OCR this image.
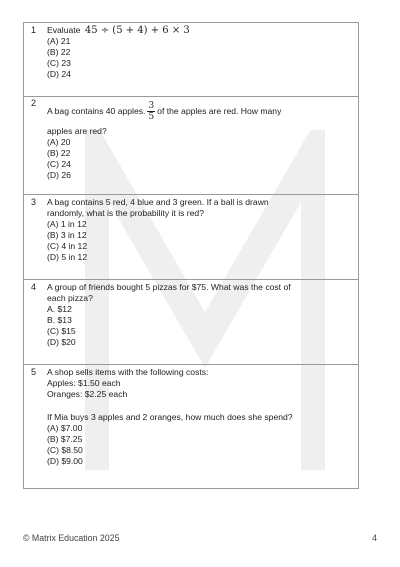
1	Evaluate 45 ÷ (5 + 4) + 6 × 3
(A) 21
(B) 22
(C) 23
(D) 24
2
A bag contains 40 apples. $\frac{3}{5}$ of the apples are red. How many
apples are red?
(A) 20
(B) 22
(C) 24
(D) 26
3	A bag contains 5 red, 4 blue and 3 green. If a ball is drawn
randomly, what is the probability it is red?
(A) 1 in 12
(B) 3 in 12
(C) 4 in 12
(D) 5 in 12
4	A group of friends bought 5 pizzas for $75. What was the cost of
each pizza?
A. $12
B. $13
(C) $15
(D) $20
5	A shop sells items with the following costs:
Apples: $1.50 each
Oranges: $2.25 each
If Mia buys 3 apples and 2 oranges, how much does she spend?
(A) $7.00
(B) $7.25
(C) $8.50
(D) $9.00
© Matrix Education 2025	4
